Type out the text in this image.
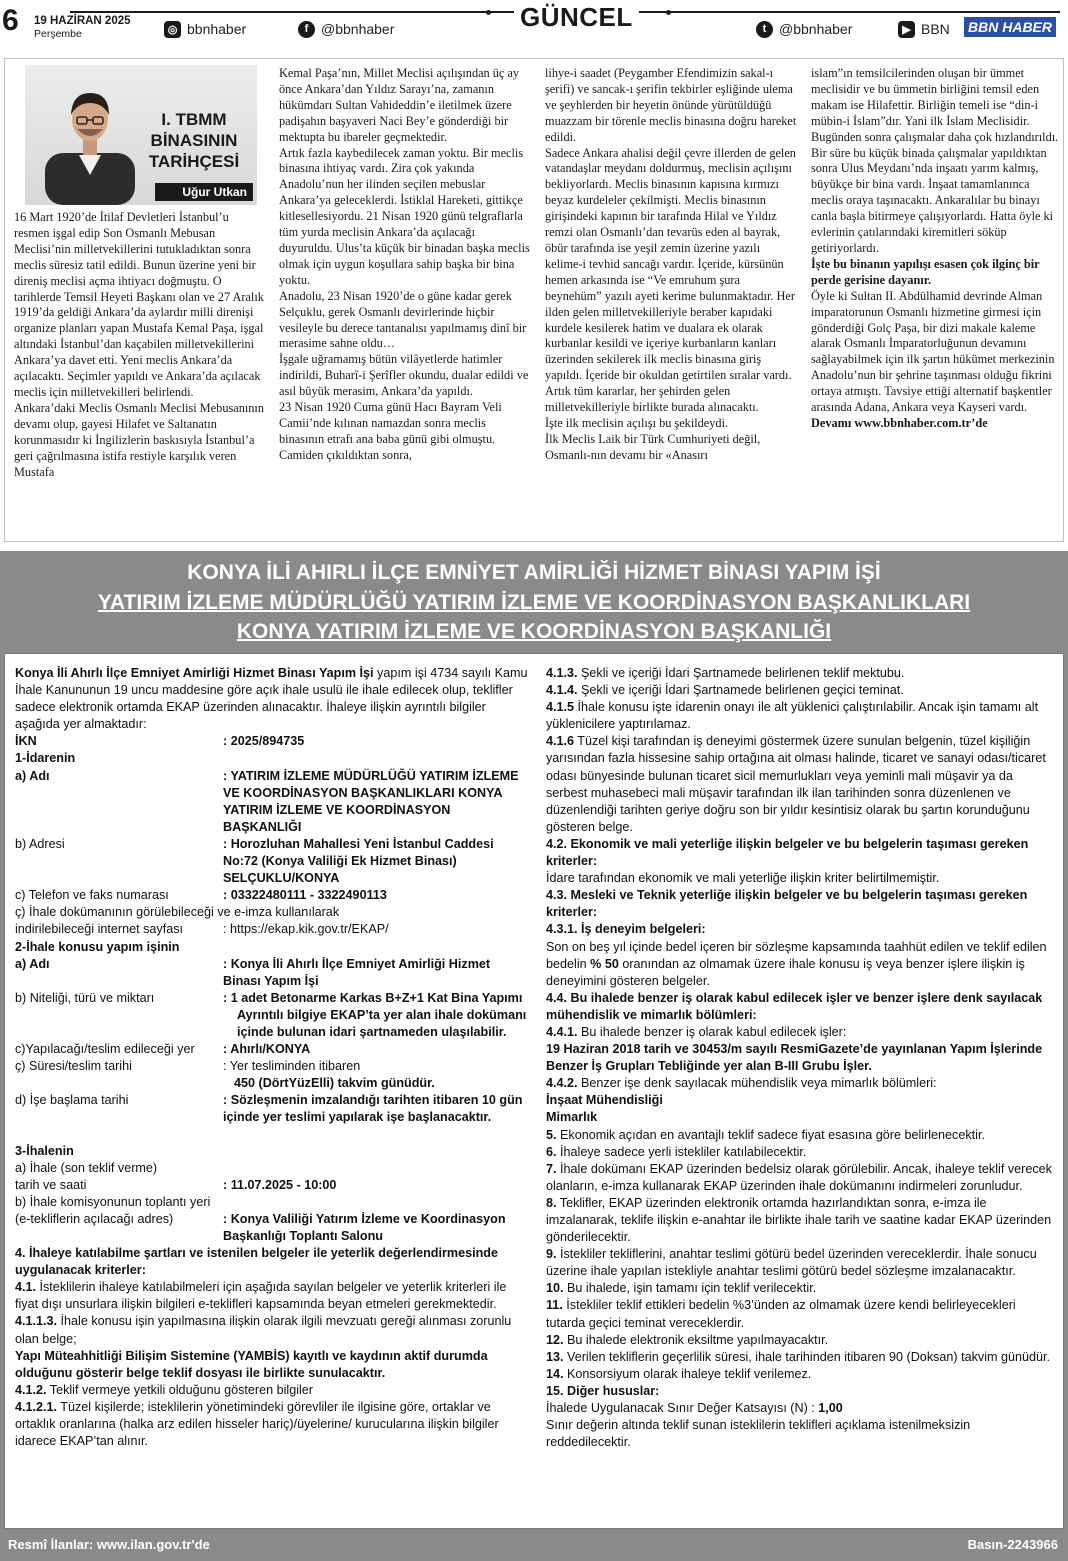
6 19 HAZİRAN 2025
Perşembe	◎ bbnhaber	f @bbnhaber	GÜNCEL	t @bbnhaber	▶ BBN BBN HABER
I. TBMM BİNASININ TARİHÇESİ
Uğur Utkan

16 Mart 1920’de İtilaf Devletleri İstanbul’u resmen işgal edip Son Osmanlı Mebusan Meclisi’nin milletvekillerini tutukladıktan sonra meclis süresiz tatil edildi. Bunun üzerine yeni bir direniş meclisi açma ihtiyacı doğmuştu. O tarihlerde Temsil Heyeti Başkanı olan ve 27 Aralık 1919’da geldiği Ankara’da aylardır milli direnişi organize planları yapan Mustafa Kemal Paşa, işgal altındaki İstanbul’dan kaçabilen milletvekillerini Ankara’ya davet etti. Yeni meclis Ankara’da açılacaktı. Seçimler yapıldı ve Ankara’da açılacak meclis için milletvekilleri belirlendi.

Ankara’daki Meclis Osmanlı Meclisi Mebusanının devamı olup, gayesi Hilafet ve Saltanatın korunmasıdır ki İngilizlerin baskısıyla İstanbul’a geri çağrılmasına istifa restiyle karşılık veren Mustafa

Kemal Paşa’nın, Millet Meclisi açılışından üç ay önce Ankara’dan Yıldız Sarayı’na, zamanın hükümdarı Sultan Vahideddin’e iletilmek üzere padişahın başyaveri Naci Bey’e gönderdiği bir mektupta bu ibareler geçmektedir.

Artık fazla kaybedilecek zaman yoktu. Bir meclis binasına ihtiyaç vardı. Zira çok yakında Anadolu’nun her ilinden seçilen mebuslar Ankara’ya geleceklerdi. İstiklal Hareketi, gittikçe kitlesellesiyordu. 21 Nisan 1920 günü telgraflarla tüm yurda meclisin Ankara’da açılacağı duyuruldu. Ulus’ta küçük bir binadan başka meclis olmak için uygun koşullara sahip başka bir bina yoktu.

Anadolu, 23 Nisan 1920’de o güne kadar gerek Selçuklu, gerek Osmanlı devirlerinde hiçbir vesileyle bu derece tantanalısı yapılmamış dinî bir merasime sahne oldu…

İşgale uğramamış bütün vilâyetlerde hatimler indirildi, Buharî-i Şerîfler okundu, dualar edildi ve asıl büyük merasim, Ankara’da yapıldı.

23 Nisan 1920 Cuma günü Hacı Bayram Veli Camii’nde kılınan namazdan sonra meclis binasının etrafı ana baba günü gibi olmuştu. Camiden çıkıldıktan sonra,

lihye-i saadet (Peygamber Efendimizin sakal-ı şerifi) ve sancak-ı şerifin tekbirler eşliğinde ulema ve şeyhlerden bir heyetin önünde yürütüldüğü muazzam bir törenle meclis binasına doğru hareket edildi.

Sadece Ankara ahalisi değil çevre illerden de gelen vatandaşlar meydanı doldurmuş, meclisin açılışını bekliyorlardı. Meclis binasının kapısına kırmızı beyaz kurdeleler çekilmişti. Meclis binasının girişindeki kapının bir tarafında Hilal ve Yıldız remzi olan Osmanlı’dan tevarüs eden al bayrak, öbür tarafında ise yeşil zemin üzerine yazılı kelime-i tevhid sancağı vardır. İçeride, kürsünün hemen arkasında ise “Ve emruhum şura beynehüm” yazılı ayeti kerime bulunmaktadır. Her ilden gelen milletvekilleriyle beraber kapıdaki kurdele kesilerek hatim ve dualara ek olarak kurbanlar kesildi ve içeriye kurbanların kanları üzerinden sekilerek ilk meclis binasına giriş yapıldı. İçeride bir okuldan getirtilen sıralar vardı. Artık tüm kararlar, her şehirden gelen milletvekilleriyle birlikte burada alınacaktı.

İşte ilk meclisin açılışı bu şekildeydi.

İlk Meclis Laik bir Türk Cumhuriyeti değil, Osmanlı-nın devamı bir «Anasırı

islam”ın temsilcilerinden oluşan bir ümmet meclisidir ve bu ümmetin birliğini temsil eden makam ise Hilafettir. Birliğin temeli ise “din-i mübin-i İslam”dır. Yani ilk İslam Meclisidir.

Bugünden sonra çalışmalar daha çok hızlandırıldı. Bir süre bu küçük binada çalışmalar yapıldıktan sonra Ulus Meydanı’nda inşaatı yarım kalmış, büyükçe bir bina vardı. İnşaat tamamlanınca meclis oraya taşınacaktı. Ankaralılar bu binayı canla başla bitirmeye çalışıyorlardı. Hatta öyle ki evlerinin çatılarındaki kiremitleri söküp getiriyorlardı.

İşte bu binanın yapılışı esasen çok ilginç bir perde gerisine dayanır.

Öyle ki Sultan II. Abdülhamid devrinde Alman imparatorunun Osmanlı hizmetine girmesi için gönderdiği Golç Paşa, bir dizi makale kaleme alarak Osmanlı İmparatorluğunun devamını sağlayabilmek için ilk şartın hükümet merkezinin Anadolu’nun bir şehrine taşınması olduğu fikrini ortaya atmıştı. Tavsiye ettiği alternatif başkentler arasında Adana, Ankara veya Kayseri vardı.

Devamı www.bbnhaber.com.tr’de

KONYA İLİ AHIRLI İLÇE EMNİYET AMİRLİĞİ HİZMET BİNASI YAPIM İŞİ
YATIRIM İZLEME MÜDÜRLÜĞÜ YATIRIM İZLEME VE KOORDİNASYON BAŞKANLIKLARI
KONYA YATIRIM İZLEME VE KOORDİNASYON BAŞKANLIĞI

Konya İli Ahırlı İlçe Emniyet Amirliği Hizmet Binası Yapım İşi yapım işi 4734 sayılı Kamu İhale Kanununun 19 uncu maddesine göre açık ihale usulü ile ihale edilecek olup, teklifler sadece elektronik ortamda EKAP üzerinden alınacaktır. İhaleye ilişkin ayrıntılı bilgiler aşağıda yer almaktadır:

İKN	: 2025/894735

1-İdarenin

a) Adı	: YATIRIM İZLEME MÜDÜRLÜĞÜ YATIRIM İZLEME VE KOORDİNASYON BAŞKANLIKLARI KONYA YATIRIM İZLEME VE KOORDİNASYON BAŞKANLIĞI
b) Adresi	: Horozluhan Mahallesi Yeni İstanbul Caddesi No:72 (Konya Valiliği Ek Hizmet Binası) SELÇUKLU/KONYA
c) Telefon ve faks numarası	: 03322480111 - 3322490113

ç) İhale dokümanının görülebileceği ve e-imza kullanılarak

indirilebileceği internet sayfası	: https://ekap.kik.gov.tr/EKAP/

2-İhale konusu yapım işinin

a) Adı	: Konya İli Ahırlı İlçe Emniyet Amirliği Hizmet Binası Yapım İşi
b) Niteliği, türü ve miktarı	: 1 adet Betonarme Karkas B+Z+1 Kat Bina Yapımı

Ayrıntılı bilgiye EKAP’ta yer alan ihale dokümanı içinde bulunan idari şartnameden ulaşılabilir.

c)Yapılacağı/teslim edileceği yer	: Ahırlı/KONYA
ç) Süresi/teslim tarihi	: Yer tesliminden itibaren

450 (DörtYüzElli) takvim günüdür.

d) İşe başlama tarihi	: Sözleşmenin imzalandığı tarihten itibaren 10 gün içinde yer teslimi yapılarak işe başlanacaktır.

3-İhalenin

a) İhale (son teklif verme)

tarih ve saati	: 11.07.2025 - 10:00

b) İhale komisyonunun toplantı yeri

(e-tekliflerin açılacağı adres)	: Konya Valiliği Yatırım İzleme ve Koordinasyon Başkanlığı Toplantı Salonu

4. İhaleye katılabilme şartları ve istenilen belgeler ile yeterlik değerlendirmesinde uygulanacak kriterler:

4.1. İsteklilerin ihaleye katılabilmeleri için aşağıda sayılan belgeler ve yeterlik kriterleri ile fiyat dışı unsurlara ilişkin bilgileri e-teklifleri kapsamında beyan etmeleri gerekmektedir.

4.1.1.3. İhale konusu işin yapılmasına ilişkin olarak ilgili mevzuatı gereği alınması zorunlu olan belge;

Yapı Müteahhitliği Bilişim Sistemine (YAMBİS) kayıtlı ve kaydının aktif durumda olduğunu gösterir belge teklif dosyası ile birlikte sunulacaktır.

4.1.2. Teklif vermeye yetkili olduğunu gösteren bilgiler

4.1.2.1. Tüzel kişilerde; isteklilerin yönetimindeki görevliler ile ilgisine göre, ortaklar ve ortaklık oranlarına (halka arz edilen hisseler hariç)/üyelerine/ kurucularına ilişkin bilgiler idarece EKAP’tan alınır.

4.1.3. Şekli ve içeriği İdari Şartnamede belirlenen teklif mektubu.

4.1.4. Şekli ve içeriği İdari Şartnamede belirlenen geçici teminat.

4.1.5 İhale konusu işte idarenin onayı ile alt yüklenici çalıştırılabilir. Ancak işin tamamı alt yüklenicilere yaptırılamaz.

4.1.6 Tüzel kişi tarafından iş deneyimi göstermek üzere sunulan belgenin, tüzel kişiliğin yarısından fazla hissesine sahip ortağına ait olması halinde, ticaret ve sanayi odası/ticaret odası bünyesinde bulunan ticaret sicil memurlukları veya yeminli mali müşavir ya da serbest muhasebeci mali müşavir tarafından ilk ilan tarihinden sonra düzenlenen ve düzenlendiği tarihten geriye doğru son bir yıldır kesintisiz olarak bu şartın korunduğunu gösteren belge.

4.2. Ekonomik ve mali yeterliğe ilişkin belgeler ve bu belgelerin taşıması gereken kriterler:

İdare tarafından ekonomik ve mali yeterliğe ilişkin kriter belirtilmemiştir.

4.3. Mesleki ve Teknik yeterliğe ilişkin belgeler ve bu belgelerin taşıması gereken kriterler:

4.3.1. İş deneyim belgeleri:

Son on beş yıl içinde bedel içeren bir sözleşme kapsamında taahhüt edilen ve teklif edilen bedelin % 50 oranından az olmamak üzere ihale konusu iş veya benzer işlere ilişkin iş deneyimini gösteren belgeler.

4.4. Bu ihalede benzer iş olarak kabul edilecek işler ve benzer işlere denk sayılacak mühendislik ve mimarlık bölümleri:

4.4.1. Bu ihalede benzer iş olarak kabul edilecek işler:

19 Haziran 2018 tarih ve 30453/m sayılı ResmiGazete’de yayınlanan Yapım İşlerinde Benzer İş Grupları Tebliğinde yer alan B-III Grubu İşler.

4.4.2. Benzer işe denk sayılacak mühendislik veya mimarlık bölümleri:

İnşaat Mühendisliği

Mimarlık

5. Ekonomik açıdan en avantajlı teklif sadece fiyat esasına göre belirlenecektir.

6. İhaleye sadece yerli istekliler katılabilecektir.

7. İhale dokümanı EKAP üzerinden bedelsiz olarak görülebilir. Ancak, ihaleye teklif verecek olanların, e-imza kullanarak EKAP üzerinden ihale dokümanını indirmeleri zorunludur.

8. Teklifler, EKAP üzerinden elektronik ortamda hazırlandıktan sonra, e-imza ile imzalanarak, teklife ilişkin e-anahtar ile birlikte ihale tarih ve saatine kadar EKAP üzerinden gönderilecektir.

9. İstekliler tekliflerini, anahtar teslimi götürü bedel üzerinden vereceklerdir. İhale sonucu üzerine ihale yapılan istekliyle anahtar teslimi götürü bedel sözleşme imzalanacaktır.

10. Bu ihalede, işin tamamı için teklif verilecektir.

11. İstekliler teklif ettikleri bedelin %3’ünden az olmamak üzere kendi belirleyecekleri tutarda geçici teminat vereceklerdir.

12. Bu ihalede elektronik eksiltme yapılmayacaktır.

13. Verilen tekliflerin geçerlilik süresi, ihale tarihinden itibaren 90 (Doksan) takvim günüdür.

14. Konsorsiyum olarak ihaleye teklif verilemez.

15. Diğer hususlar:

İhalede Uygulanacak Sınır Değer Katsayısı (N) : 1,00

Sınır değerin altında teklif sunan isteklilerin teklifleri açıklama istenilmeksizin reddedilecektir.

Resmî İlanlar: www.ilan.gov.tr'de	Basın-2243966
